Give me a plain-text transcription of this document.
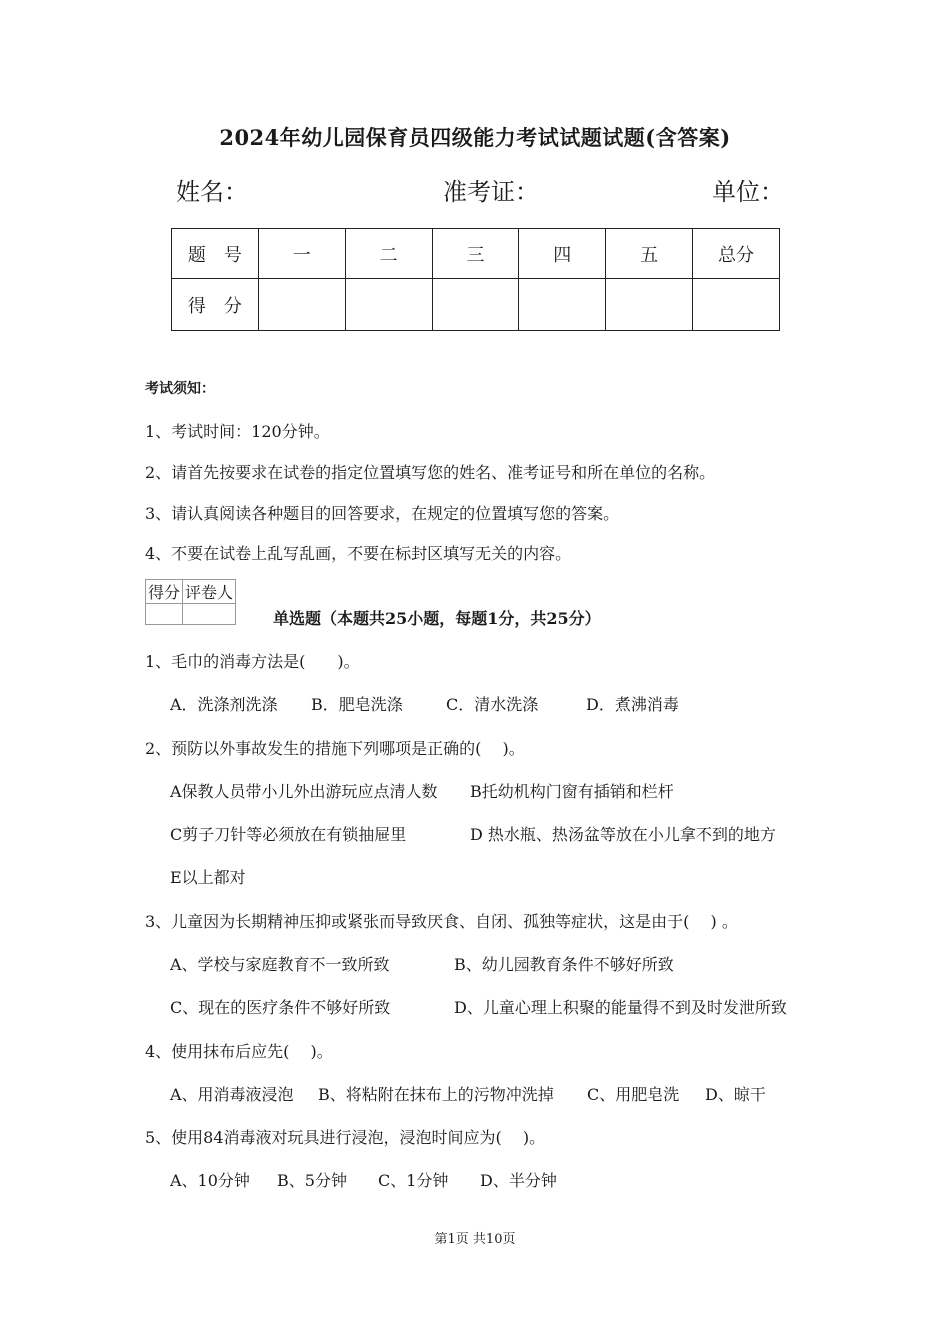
2024年幼儿园保育员四级能力考试试题试题(含答案)
姓名：	准考证：	单位：
题　号	一	二	三	四	五	总分
得　分						
考试须知：
1、考试时间：120分钟。
2、请首先按要求在试卷的指定位置填写您的姓名、准考证号和所在单位的名称。
3、请认真阅读各种题目的回答要求，在规定的位置填写您的答案。
4、不要在试卷上乱写乱画，不要在标封区填写无关的内容。
得分	评卷人

单选题（本题共25小题，每题1分，共25分）
1、毛巾的消毒方法是(　　)。
A．洗涤剂洗涤 B．肥皂洗涤	C．清水洗涤	D．煮沸消毒
2、预防以外事故发生的措施下列哪项是正确的(　 )。
A保教人员带小儿外出游玩应点清人数 B托幼机构门窗有插销和栏杆
C剪子刀针等必须放在有锁抽屉里	D 热水瓶、热汤盆等放在小儿拿不到的地方
E以上都对
3、儿童因为长期精神压抑或紧张而导致厌食、自闭、孤独等症状，这是由于(　 ) 。
A、学校与家庭教育不一致所致	B、幼儿园教育条件不够好所致
C、现在的医疗条件不够好所致	D、儿童心理上积聚的能量得不到及时发泄所致
4、使用抹布后应先(　 )。
A、用消毒液浸泡 B、将粘附在抹布上的污物冲洗掉 C、用肥皂洗 D、晾干
5、使用84消毒液对玩具进行浸泡，浸泡时间应为(　 )。
A、10分钟 B、5分钟 C、1分钟 D、半分钟
第1页 共10页
